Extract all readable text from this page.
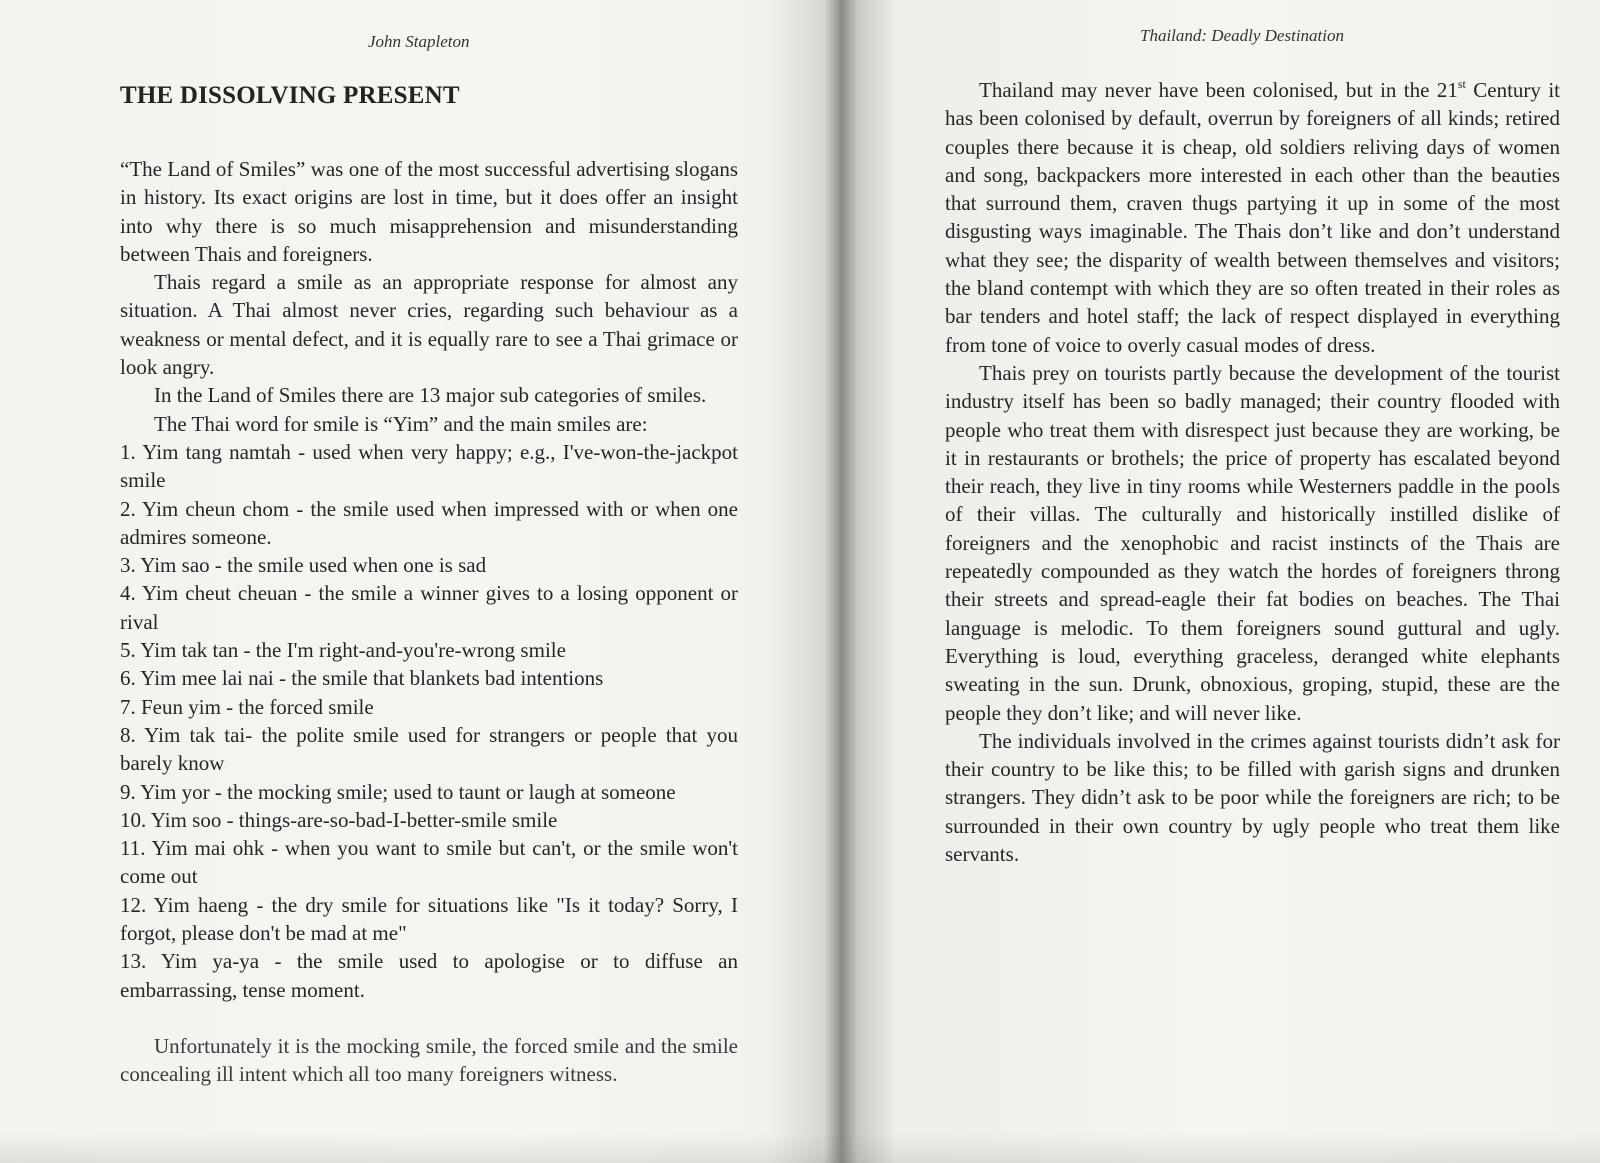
John Stapleton
THE DISSOLVING PRESENT

“The Land of Smiles” was one of the most successful advertising slogans in history. Its exact origins are lost in time, but it does offer an insight into why there is so much misapprehension and misunderstanding between Thais and foreigners.

Thais regard a smile as an appropriate response for almost any situation. A Thai almost never cries, regarding such behaviour as a weakness or mental defect, and it is equally rare to see a Thai grimace or look angry.

In the Land of Smiles there are 13 major sub categories of smiles.

The Thai word for smile is “Yim” and the main smiles are:

1. Yim tang namtah - used when very happy; e.g., I've-won-the-jackpot smile

2. Yim cheun chom - the smile used when impressed with or when one admires someone.

3. Yim sao - the smile used when one is sad

4. Yim cheut cheuan - the smile a winner gives to a losing opponent or rival

5. Yim tak tan - the I'm right-and-you're-wrong smile

6. Yim mee lai nai - the smile that blankets bad intentions

7. Feun yim - the forced smile

8. Yim tak tai- the polite smile used for strangers or people that you barely know

9. Yim yor - the mocking smile; used to taunt or laugh at someone

10. Yim soo - things-are-so-bad-I-better-smile smile

11. Yim mai ohk - when you want to smile but can't, or the smile won't come out

12. Yim haeng - the dry smile for situations like "Is it today? Sorry, I forgot, please don't be mad at me"

13. Yim ya-ya - the smile used to apologise or to diffuse an embarrassing, tense moment.

Unfortunately it is the mocking smile, the forced smile and the smile concealing ill intent which all too many foreigners witness.

Thailand: Deadly Destination

Thailand may never have been colonised, but in the 21st Century it has been colonised by default, overrun by foreigners of all kinds; retired couples there because it is cheap, old soldiers reliving days of women and song, backpackers more interested in each other than the beauties that surround them, craven thugs partying it up in some of the most disgusting ways imaginable. The Thais don’t like and don’t understand what they see; the disparity of wealth between themselves and visitors; the bland contempt with which they are so often treated in their roles as bar tenders and hotel staff; the lack of respect displayed in everything from tone of voice to overly casual modes of dress.

Thais prey on tourists partly because the development of the tourist industry itself has been so badly managed; their country flooded with people who treat them with disrespect just because they are working, be it in restaurants or brothels; the price of property has escalated beyond their reach, they live in tiny rooms while Westerners paddle in the pools of their villas. The culturally and historically instilled dislike of foreigners and the xenophobic and racist instincts of the Thais are repeatedly compounded as they watch the hordes of foreigners throng their streets and spread-eagle their fat bodies on beaches. The Thai language is melodic. To them foreigners sound guttural and ugly. Everything is loud, everything graceless, deranged white elephants sweating in the sun. Drunk, obnoxious, groping, stupid, these are the people they don’t like; and will never like.

The individuals involved in the crimes against tourists didn’t ask for their country to be like this; to be filled with garish signs and drunken strangers. They didn’t ask to be poor while the foreigners are rich; to be surrounded in their own country by ugly people who treat them like servants.
